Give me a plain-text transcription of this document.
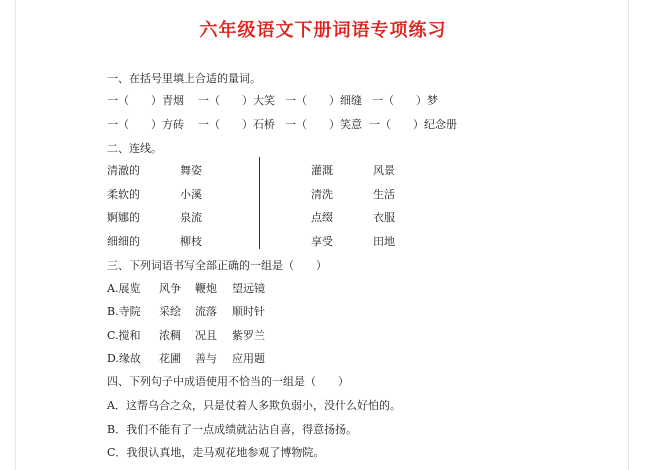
六年级语文下册词语专项练习
一、在括号里填上合适的量词。
一（　　）青烟 一（　　）大笑 一（　　）细缝 一（　　）梦
一（　　）方砖 一（　　）石桥 一（　　）笑意 一（　　）纪念册
二、连线。
清澈的
柔软的
婀娜的
细细的
舞姿
小溪
泉流
柳枝
灌溉
清洗
点缀
享受
风景
生活
衣服
田地
三、下列词语书写全部正确的一组是（　　）
A.展览 风争 鞭炮 望远镜
B.寺院 采绘 流落 顺时针
C.搅和 浓稠 况且 紫罗兰
D.缘故 花圃 善与 应用题
四、下列句子中成语使用不恰当的一组是（　　）
A．这帮乌合之众，只是仗着人多欺负弱小，没什么好怕的。
B．我们不能有了一点成绩就沾沾自喜，得意扬扬。
C．我很认真地，走马观花地参观了博物院。
